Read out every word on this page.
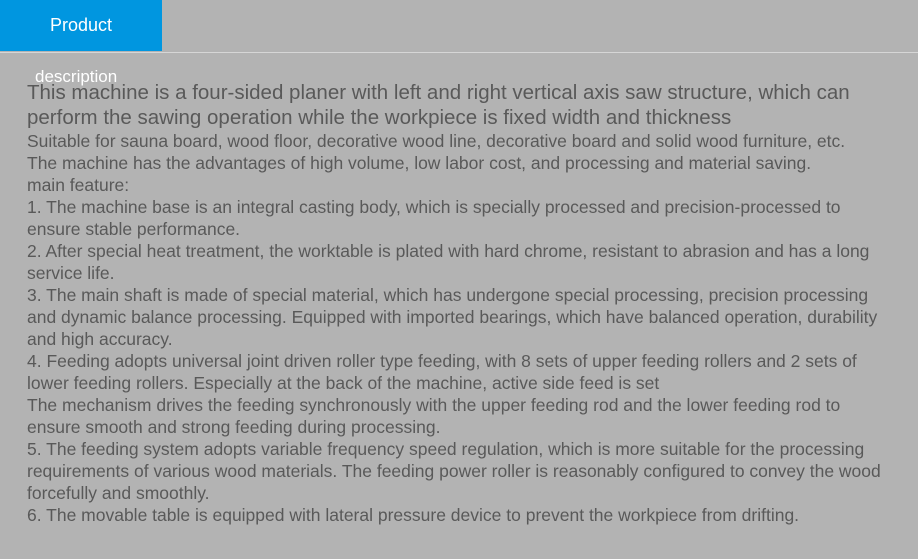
Product
description

This machine is a four-sided planer with left and right vertical axis saw structure, which can perform the sawing operation while the workpiece is fixed width and thickness

Suitable for sauna board, wood floor, decorative wood line, decorative board and solid wood furniture, etc.

The machine has the advantages of high volume, low labor cost, and processing and material saving.

main feature:

1. The machine base is an integral casting body, which is specially processed and precision-processed to ensure stable performance.

2. After special heat treatment, the worktable is plated with hard chrome, resistant to abrasion and has a long service life.

3. The main shaft is made of special material, which has undergone special processing, precision processing and dynamic balance processing. Equipped with imported bearings, which have balanced operation, durability and high accuracy.

4. Feeding adopts universal joint driven roller type feeding, with 8 sets of upper feeding rollers and 2 sets of lower feeding rollers. Especially at the back of the machine, active side feed is set

The mechanism drives the feeding synchronously with the upper feeding rod and the lower feeding rod to ensure smooth and strong feeding during processing.

5. The feeding system adopts variable frequency speed regulation, which is more suitable for the processing requirements of various wood materials. The feeding power roller is reasonably configured to convey the wood forcefully and smoothly.

6. The movable table is equipped with lateral pressure device to prevent the workpiece from drifting.
